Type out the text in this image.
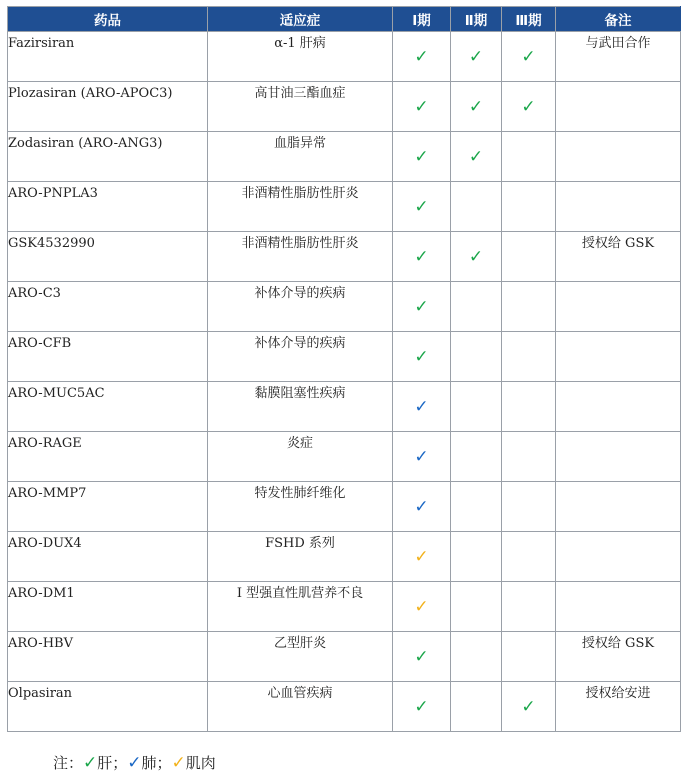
药品	适应症	Ⅰ期	Ⅱ期	Ⅲ期	备注
Fazirsiran	α-1 肝病	✓	✓	✓	与武田合作
Plozasiran (ARO-APOC3)	高甘油三酯血症	✓	✓	✓	
Zodasiran (ARO-ANG3)	血脂异常	✓	✓		
ARO-PNPLA3	非酒精性脂肪性肝炎	✓			
GSK4532990	非酒精性脂肪性肝炎	✓	✓		授权给 GSK
ARO-C3	补体介导的疾病	✓			
ARO-CFB	补体介导的疾病	✓			
ARO-MUC5AC	黏膜阻塞性疾病	✓			
ARO-RAGE	炎症	✓			
ARO-MMP7	特发性肺纤维化	✓			
ARO-DUX4	FSHD 系列	✓			
ARO-DM1	Ⅰ 型强直性肌营养不良	✓			
ARO-HBV	乙型肝炎	✓			授权给 GSK
Olpasiran	心血管疾病	✓		✓	授权给安进
注：✓肝；✓肺；✓肌肉
